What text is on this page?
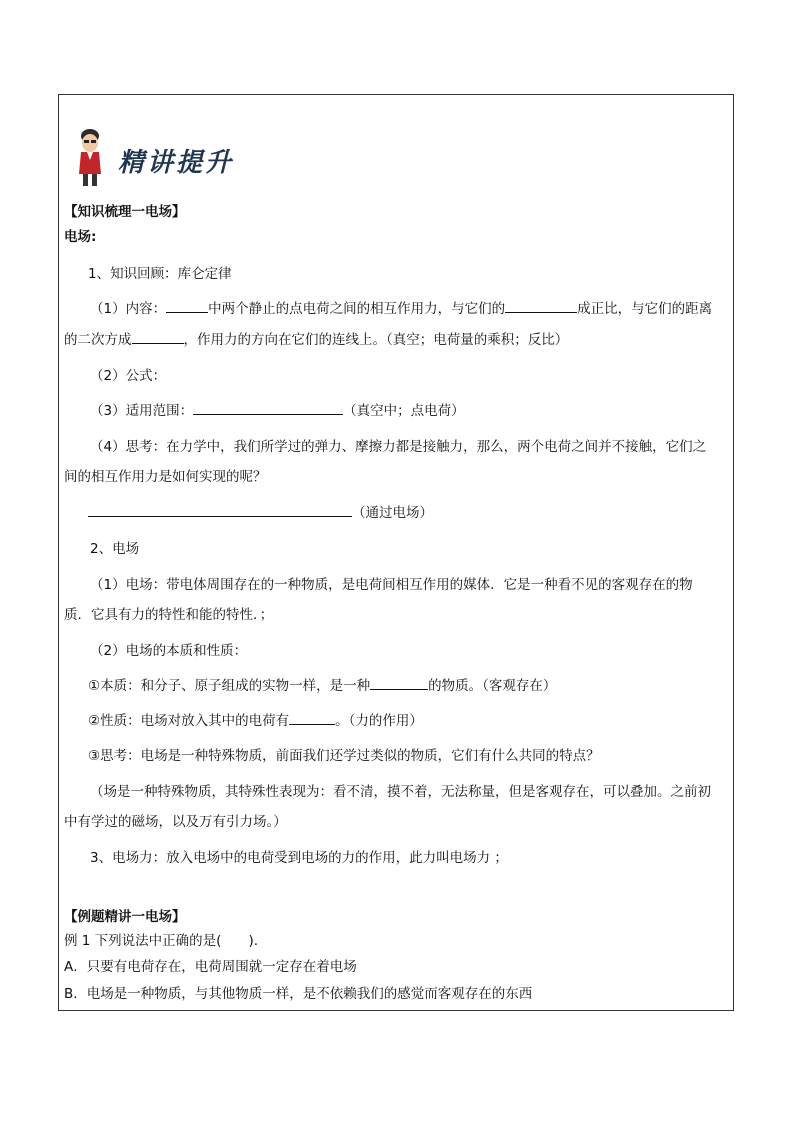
精讲提升
【知识梳理一电场】
电场:
1、知识回顾：库仑定律
（1）内容：	中两个静止的点电荷之间的相互作用力，与它们的	成正比，与它们的距离
的二次方成	，作用力的方向在它们的连线上。（真空；电荷量的乘积；反比）
（2）公式：
（3）适用范围：	（真空中；点电荷）
（4）思考：在力学中，我们所学过的弹力、摩擦力都是接触力，那么，两个电荷之间并不接触，它们之
间的相互作用力是如何实现的呢？
（通过电场）
2、电场
（1）电场：带电体周围存在的一种物质，是电荷间相互作用的媒体．它是一种看不见的客观存在的物
质．它具有力的特性和能的特性．；
（2）电场的本质和性质：
①本质：和分子、原子组成的实物一样，是一种	的物质。（客观存在）
②性质：电场对放入其中的电荷有	。（力的作用）
③思考：电场是一种特殊物质，前面我们还学过类似的物质，它们有什么共同的特点？
（场是一种特殊物质，其特殊性表现为：看不清，摸不着，无法称量，但是客观存在，可以叠加。之前初
中有学过的磁场，以及万有引力场。）
3、电场力：放入电场中的电荷受到电场的力的作用，此力叫电场力 ；
【例题精讲一电场】
例 1 下列说法中正确的是(　　).
A．只要有电荷存在，电荷周围就一定存在着电场
B．电场是一种物质，与其他物质一样，是不依赖我们的感觉而客观存在的东西
